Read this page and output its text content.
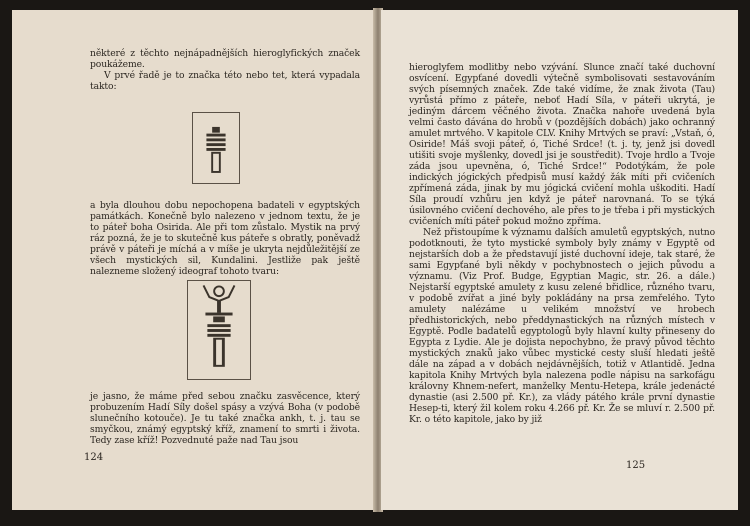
některé z těchto nejnápadnějších hieroglyfických značek poukážeme.

V prvé řadě je to značka této nebo tet, která vypadala takto:

a byla dlouhou dobu nepochopena badateli v egyptských památkách. Konečně bylo nalezeno v jednom textu, že je to páteř boha Osirida. Ale při tom zůstalo. Mystik na prvý ráz pozná, že je to skutečně kus páteře s obratly, poněvadž právě v páteři je míchá a v míše je ukryta nejdůležitější ze všech mystických sil, Kundalini. Jestliže pak ještě nalezneme složený ideograf tohoto tvaru:

je jasno, že máme před sebou značku zasvěcence, který probuzením Hadí Síly došel spásy a vzývá Boha (v podobě slunečního kotouče). Je tu také značka ankh, t. j. tau se smyčkou, známý egyptský kříž, znamení to smrti i života. Tedy zase kříž! Pozvednuté paže nad Tau jsou

124

hieroglyfem modlitby nebo vzývání. Slunce značí také duchovní osvícení. Egypťané dovedli výtečně symbolisovati sestavováním svých písemných značek. Zde také vidíme, že znak života (Tau) vyrůstá přímo z páteře, neboť Hadí Síla, v páteři ukrytá, je jediným dárcem věčného života. Značka nahoře uvedená byla velmi často dávána do hrobů v (pozdějších dobách) jako ochranný amulet mrtvého. V kapitole CLV. Knihy Mrtvých se praví: „Vstaň, ó, Osiride! Máš svoji páteř, ó, Tiché Srdce! (t. j. ty, jenž jsi dovedl utišiti svoje myšlenky, dovedl jsi je soustředit). Tvoje hrdlo a Tvoje záda jsou upevněna, ó, Tiché Srdce!“ Podotýkám, že pole indických jógických předpisů musí každý žák míti při cvičeních zpřímená záda, jinak by mu jógická cvičení mohla uškoditi. Hadí Síla proudí vzhůru jen když je páteř narovnaná. To se týká úsilovného cvičení dechového, ale přes to je třeba i při mystických cvičeních míti páteř pokud možno zpříma.

Než přistoupíme k významu dalších amuletů egyptských, nutno podotknouti, že tyto mystické symboly byly známy v Egyptě od nejstarších dob a že představují jisté duchovní ideje, tak staré, že sami Egypťané byli někdy v pochybnostech o jejich původu a významu. (Viz Prof. Budge, Egyptian Magic, str. 26. a dále.) Nejstarší egyptské amulety z kusu zelené břidlice, různého tvaru, v podobě zvířat a jiné byly pokládány na prsa zemřelého. Tyto amulety nalézáme u velikém množství ve hrobech předhistorických, nebo předdynastických na různých místech v Egyptě. Podle badatelů egyptologů byly hlavní kulty přineseny do Egypta z Lydie. Ale je dojista nepochybno, že pravý původ těchto mystických znaků jako vůbec mystické cesty sluší hledati ještě dále na západ a v dobách nejdávnějších, totiž v Atlantidě. Jedna kapitola Knihy Mrtvých byla nalezena podle nápisu na sarkofágu královny Khnem-nefert, manželky Mentu-Hetepa, krále jedenácté dynastie (asi 2.500 př. Kr.), za vlády pátého krále první dynastie Hesep-ti, který žil kolem roku 4.266 př. Kr. Že se mluví r. 2.500 př. Kr. o této kapitole, jako by již

125
